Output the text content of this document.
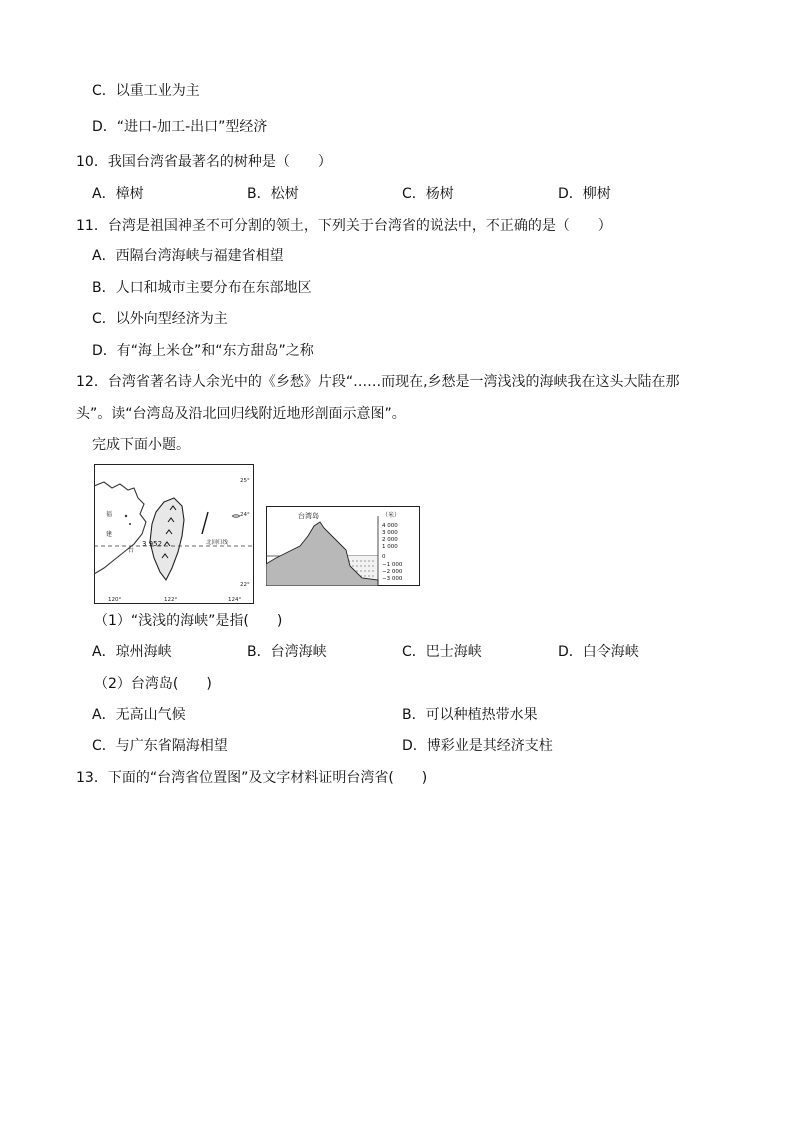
C．以重工业为主
D．“进口-加工-出口”型经济
10．我国台湾省最著名的树种是（　　）
A．樟树	B．松树	C．杨树	D．柳树
11．台湾是祖国神圣不可分割的领土，下列关于台湾省的说法中，不正确的是（　　）
A．西隔台湾海峡与福建省相望
B．人口和城市主要分布在东部地区
C．以外向型经济为主
D．有“海上米仓”和“东方甜岛”之称
12．台湾省著名诗人余光中的《乡愁》片段“……而现在,乡愁是一湾浅浅的海峡我在这头大陆在那
头”。读“台湾岛及沿北回归线附近地形剖面示意图”。
完成下面小题。
北回归线
3 952
福
建
台
25°
24°
22°
120°	122°	124°
台湾岛	（米）
4 000
3 000
2 000
1 000
0
−1 000
−2 000
−3 000
（1）“浅浅的海峡”是指(　　)
A．琼州海峡	B．台湾海峡	C．巴士海峡	D．白令海峡
（2）台湾岛(　　)
A．无高山气候	B．可以种植热带水果
C．与广东省隔海相望	D．博彩业是其经济支柱
13．下面的“台湾省位置图”及文字材料证明台湾省(　　)
